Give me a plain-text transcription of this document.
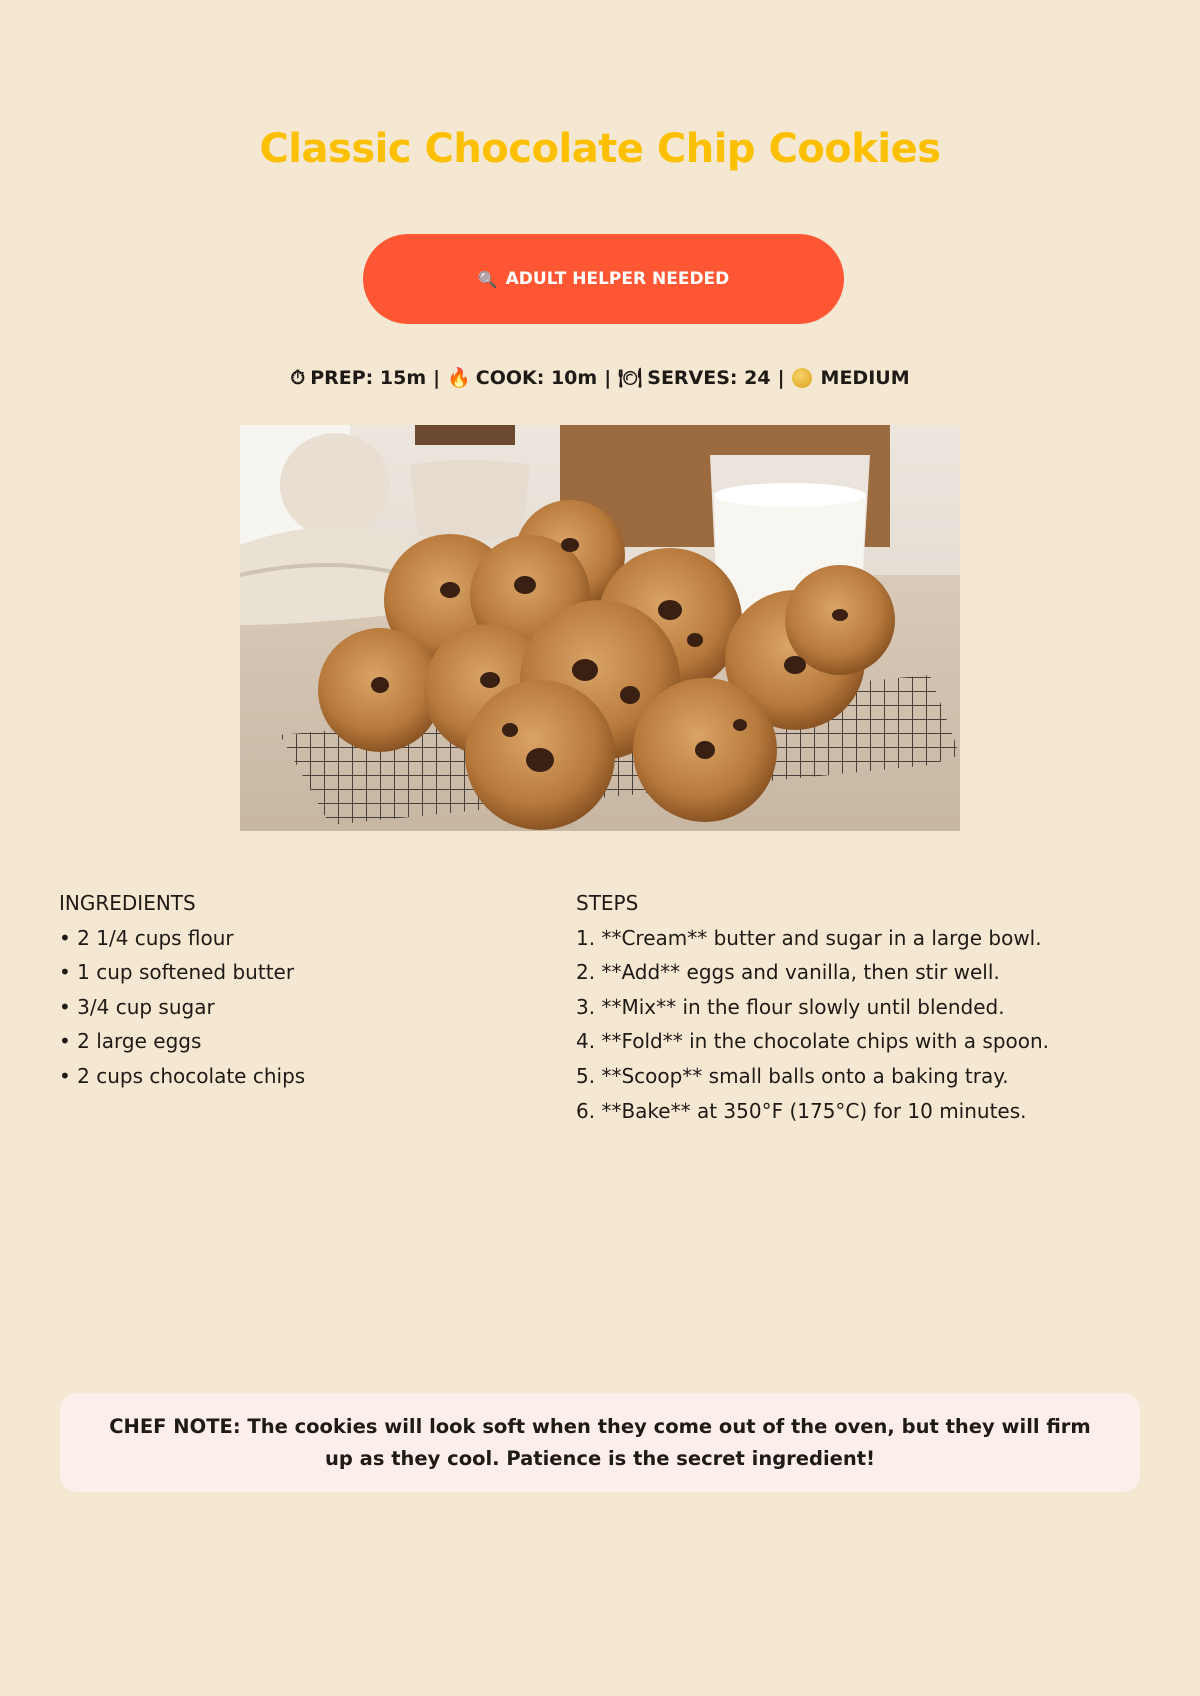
Classic Chocolate Chip Cookies
🔍 ADULT HELPER NEEDED
⏱ PREP: 15m | 🔥 COOK: 10m | 🍽 SERVES: 24 | MEDIUM
INGREDIENTS
• 2 1/4 cups flour
• 1 cup softened butter
• 3/4 cup sugar
• 2 large eggs
• 2 cups chocolate chips
STEPS
1. **Cream** butter and sugar in a large bowl.
2. **Add** eggs and vanilla, then stir well.
3. **Mix** in the flour slowly until blended.
4. **Fold** in the chocolate chips with a spoon.
5. **Scoop** small balls onto a baking tray.
6. **Bake** at 350°F (175°C) for 10 minutes.

CHEF NOTE: The cookies will look soft when they come out of the oven, but they will firm up as they cool. Patience is the secret ingredient!
